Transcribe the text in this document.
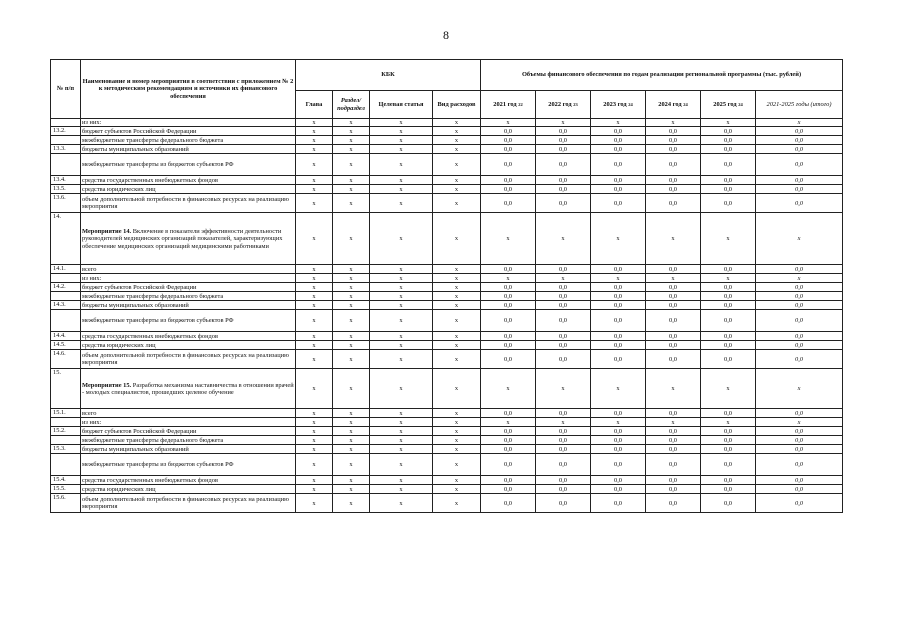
8
№ п/п	Наименование и номер мероприятия в соответствии с приложением № 2 к методическим рекомендациям и источники их финансового обеспечения	КБК				Объемы финансового обеспечения по годам реализации региональной программы (тыс. рублей)					
		Глава	Раздел/ подраздел	Целевая статья	Вид расходов	2021 год 22	2022 год 23	2023 год 24	2024 год 24	2025 год 24	2021-2025 годы (итого)
	из них:	x	x	x	x	x	x	x	x	x	x
13.2.	бюджет субъектов Российской Федерации	x	x	x	x	0,0	0,0	0,0	0,0	0,0	0,0
	межбюджетные трансферты федерального бюджета	x	x	x	x	0,0	0,0	0,0	0,0	0,0	0,0
13.3.	бюджеты муниципальных образований	x	x	x	x	0,0	0,0	0,0	0,0	0,0	0,0
	межбюджетные трансферты из бюджетов субъектов РФ	x	x	x	x	0,0	0,0	0,0	0,0	0,0	0,0
13.4.	средства государственных внебюджетных фондов	x	x	x	x	0,0	0,0	0,0	0,0	0,0	0,0
13.5.	средства юридических лиц	x	x	x	x	0,0	0,0	0,0	0,0	0,0	0,0
13.6.	объем дополнительной потребности в финансовых ресурсах на реализацию мероприятия	x	x	x	x	0,0	0,0	0,0	0,0	0,0	0,0
14.	Мероприятие 14. Включение в показатели эффективности деятельности руководителей медицинских организаций показателей, характеризующих обеспечение медицинских организаций медицинскими работниками	x	x	x	x	x	x	x	x	x	x
14.1.	всего	x	x	x	x	0,0	0,0	0,0	0,0	0,0	0,0
	из них:	x	x	x	x	x	x	x	x	x	x
14.2.	бюджет субъектов Российской Федерации	x	x	x	x	0,0	0,0	0,0	0,0	0,0	0,0
	межбюджетные трансферты федерального бюджета	x	x	x	x	0,0	0,0	0,0	0,0	0,0	0,0
14.3.	бюджеты муниципальных образований	x	x	x	x	0,0	0,0	0,0	0,0	0,0	0,0
	межбюджетные трансферты из бюджетов субъектов РФ	x	x	x	x	0,0	0,0	0,0	0,0	0,0	0,0
14.4.	средства государственных внебюджетных фондов	x	x	x	x	0,0	0,0	0,0	0,0	0,0	0,0
14.5.	средства юридических лиц	x	x	x	x	0,0	0,0	0,0	0,0	0,0	0,0
14.6.	объем дополнительной потребности в финансовых ресурсах на реализацию мероприятия	x	x	x	x	0,0	0,0	0,0	0,0	0,0	0,0
15.	Мероприятие 15. Разработка механизма наставничества в отношении врачей - молодых специалистов, прошедших целевое обучение	x	x	x	x	x	x	x	x	x	x
15.1.	всего	x	x	x	x	0,0	0,0	0,0	0,0	0,0	0,0
	из них:	x	x	x	x	x	x	x	x	x	x
15.2.	бюджет субъектов Российской Федерации	x	x	x	x	0,0	0,0	0,0	0,0	0,0	0,0
	межбюджетные трансферты федерального бюджета	x	x	x	x	0,0	0,0	0,0	0,0	0,0	0,0
15.3.	бюджеты муниципальных образований	x	x	x	x	0,0	0,0	0,0	0,0	0,0	0,0
	межбюджетные трансферты из бюджетов субъектов РФ	x	x	x	x	0,0	0,0	0,0	0,0	0,0	0,0
15.4.	средства государственных внебюджетных фондов	x	x	x	x	0,0	0,0	0,0	0,0	0,0	0,0
15.5.	средства юридических лиц	x	x	x	x	0,0	0,0	0,0	0,0	0,0	0,0
15.6.	объем дополнительной потребности в финансовых ресурсах на реализацию мероприятия	x	x	x	x	0,0	0,0	0,0	0,0	0,0	0,0
